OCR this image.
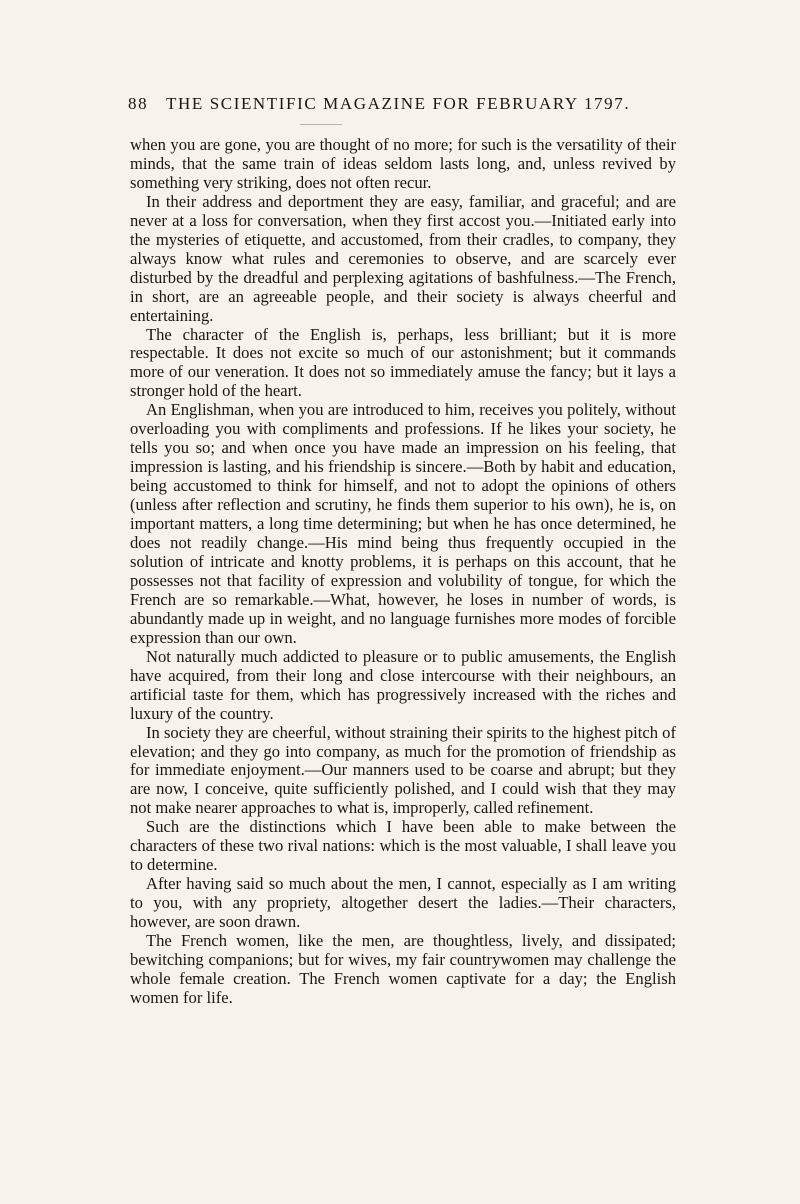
88 THE SCIENTIFIC MAGAZINE FOR FEBRUARY 1797.

when you are gone, you are thought of no more; for such is the versatility of their minds, that the same train of ideas seldom lasts long, and, unless revived by something very striking, does not often recur.

In their address and deportment they are easy, familiar, and graceful; and are never at a loss for conversation, when they first accost you.—Initiated early into the mysteries of etiquette, and accustomed, from their cradles, to company, they always know what rules and ceremonies to observe, and are scarcely ever disturbed by the dreadful and perplexing agitations of bashfulness.—The French, in short, are an agreeable people, and their society is always cheerful and entertaining.

The character of the English is, perhaps, less brilliant; but it is more respectable. It does not excite so much of our astonishment; but it commands more of our veneration. It does not so immediately amuse the fancy; but it lays a stronger hold of the heart.

An Englishman, when you are introduced to him, receives you politely, without overloading you with compliments and professions. If he likes your society, he tells you so; and when once you have made an impression on his feeling, that impression is lasting, and his friendship is sincere.—Both by habit and education, being accustomed to think for himself, and not to adopt the opinions of others (unless after reflection and scrutiny, he finds them superior to his own), he is, on important matters, a long time determining; but when he has once determined, he does not readily change.—His mind being thus frequently occupied in the solution of intricate and knotty problems, it is perhaps on this account, that he possesses not that facility of expression and volubility of tongue, for which the French are so remarkable.—What, however, he loses in number of words, is abundantly made up in weight, and no language furnishes more modes of forcible expression than our own.

Not naturally much addicted to pleasure or to public amusements, the English have acquired, from their long and close intercourse with their neighbours, an artificial taste for them, which has progressively increased with the riches and luxury of the country.

In society they are cheerful, without straining their spirits to the highest pitch of elevation; and they go into company, as much for the promotion of friendship as for immediate enjoyment.—Our manners used to be coarse and abrupt; but they are now, I conceive, quite sufficiently polished, and I could wish that they may not make nearer approaches to what is, improperly, called refinement.

Such are the distinctions which I have been able to make between the characters of these two rival nations: which is the most valuable, I shall leave you to determine.

After having said so much about the men, I cannot, especially as I am writing to you, with any propriety, altogether desert the ladies.—Their characters, however, are soon drawn.

The French women, like the men, are thoughtless, lively, and dissipated; bewitching companions; but for wives, my fair countrywomen may challenge the whole female creation. The French women captivate for a day; the English women for life.
